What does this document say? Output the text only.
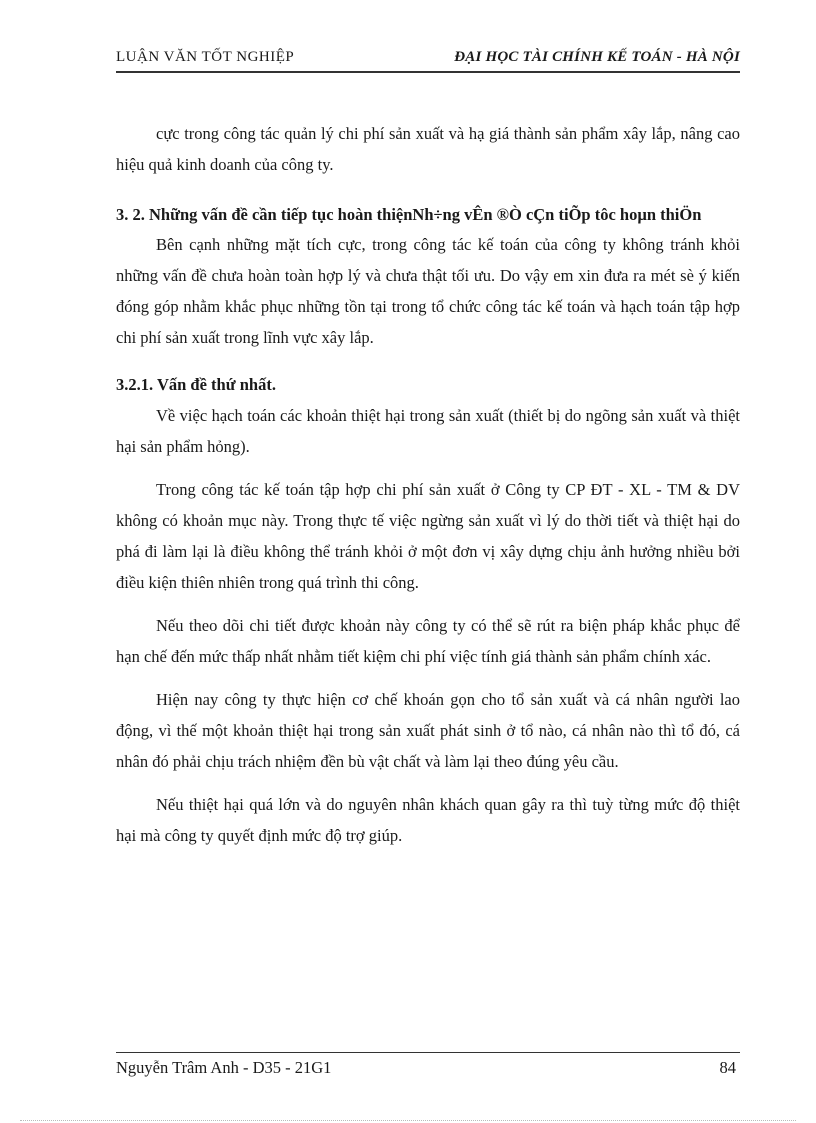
LUẬN VĂN TỐT NGHIỆP	ĐẠI HỌC TÀI CHÍNH KẾ TOÁN - HÀ NỘI

cực trong công tác quản lý chi phí sản xuất và hạ giá thành sản phẩm xây lắp, nâng cao hiệu quả kinh doanh của công ty.

3. 2. Những vấn đề cần tiếp tục hoàn thiệnNh÷ng vÊn ®Ò cÇn tiÕp tôc hoµn thiÖn

Bên cạnh những mặt tích cực, trong công tác kế toán của công ty không tránh khỏi những vấn đề chưa hoàn toàn hợp lý và chưa thật tối ưu. Do vậy em xin đưa ra mét sè ý kiến đóng góp nhằm khắc phục những tồn tại trong tổ chức công tác kế toán và hạch toán tập hợp chi phí sản xuất trong lĩnh vực xây lắp.

3.2.1. Vấn đề thứ nhất.

Về việc hạch toán các khoản thiệt hại trong sản xuất (thiết bị do ngõng sản xuất và thiệt hại sản phẩm hỏng).

Trong công tác kế toán tập hợp chi phí sản xuất ở Công ty CP ĐT - XL - TM & DV không có khoản mục này. Trong thực tế việc ngừng sản xuất vì lý do thời tiết và thiệt hại do phá đi làm lại là điều không thể tránh khỏi ở một đơn vị xây dựng chịu ảnh hưởng nhiều bởi điều kiện thiên nhiên trong quá trình thi công.

Nếu theo dõi chi tiết được khoản này công ty có thể sẽ rút ra biện pháp khắc phục để hạn chế đến mức thấp nhất nhằm tiết kiệm chi phí việc tính giá thành sản phẩm chính xác.

Hiện nay công ty thực hiện cơ chế khoán gọn cho tổ sản xuất và cá nhân người lao động, vì thế một khoản thiệt hại trong sản xuất phát sinh ở tổ nào, cá nhân nào thì tổ đó, cá nhân đó phải chịu trách nhiệm đền bù vật chất và làm lại theo đúng yêu cầu.

Nếu thiệt hại quá lớn và do nguyên nhân khách quan gây ra thì tuỳ từng mức độ thiệt hại mà công ty quyết định mức độ trợ giúp.

Nguyễn Trâm Anh - D35 - 21G1	84
